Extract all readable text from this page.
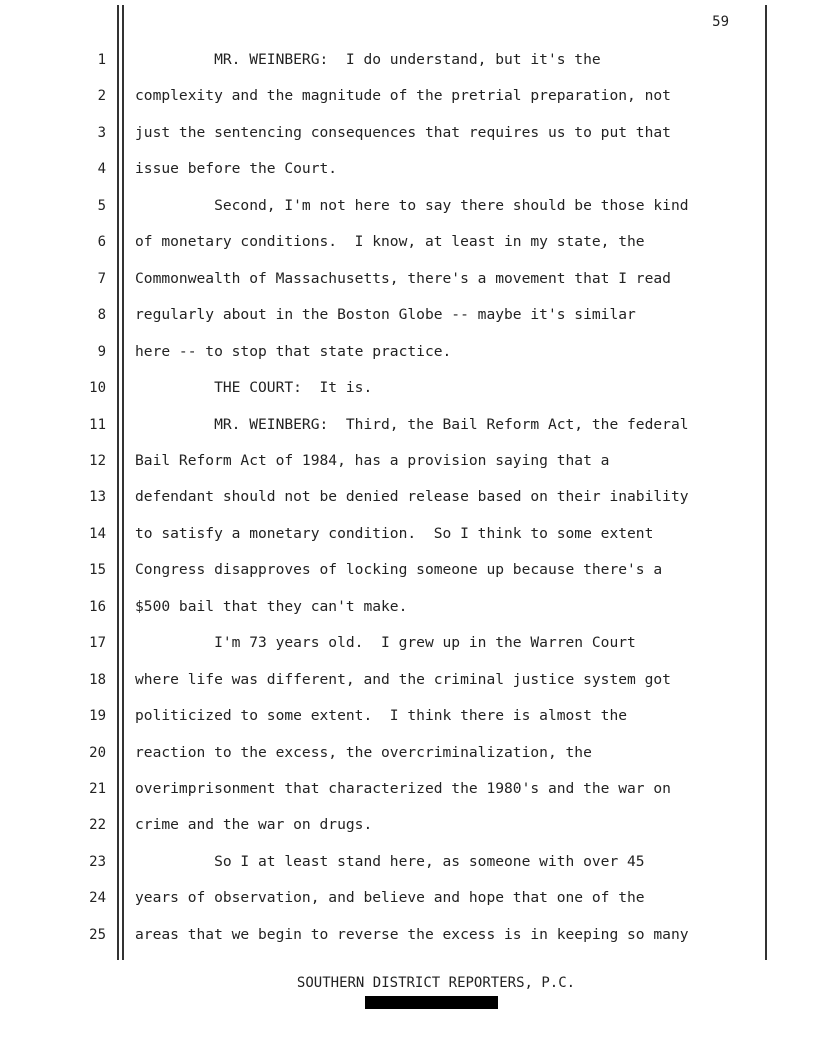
59
1 MR. WEINBERG:  I do understand, but it's the
2 complexity and the magnitude of the pretrial preparation, not
3 just the sentencing consequences that requires us to put that
4 issue before the Court.
5 Second, I'm not here to say there should be those kind
6 of monetary conditions.  I know, at least in my state, the
7 Commonwealth of Massachusetts, there's a movement that I read
8 regularly about in the Boston Globe -- maybe it's similar
9 here -- to stop that state practice.
10 THE COURT:  It is.
11 MR. WEINBERG:  Third, the Bail Reform Act, the federal
12 Bail Reform Act of 1984, has a provision saying that a
13 defendant should not be denied release based on their inability
14 to satisfy a monetary condition.  So I think to some extent
15 Congress disapproves of locking someone up because there's a
16 $500 bail that they can't make.
17 I'm 73 years old.  I grew up in the Warren Court
18 where life was different, and the criminal justice system got
19 politicized to some extent.  I think there is almost the
20 reaction to the excess, the overcriminalization, the
21 overimprisonment that characterized the 1980's and the war on
22 crime and the war on drugs.
23 So I at least stand here, as someone with over 45
24 years of observation, and believe and hope that one of the
25 areas that we begin to reverse the excess is in keeping so many
SOUTHERN DISTRICT REPORTERS, P.C.
